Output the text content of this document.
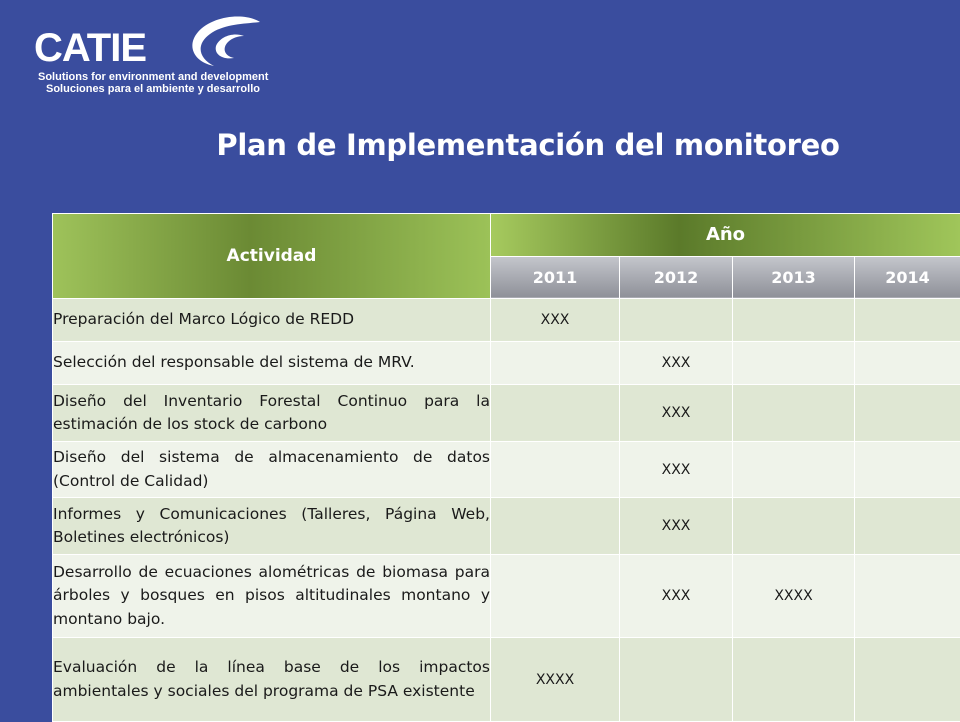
CATIE
Solutions for environment and development
Soluciones para el ambiente y desarrollo
Plan de Implementación del monitoreo
Actividad	Año			
	2011	2012	2013	2014
Preparación del Marco Lógico de REDD	XXX			
Selección del responsable del sistema de MRV.		XXX		
Diseño del Inventario Forestal Continuo para la estimación de los stock de carbono		XXX		
Diseño del sistema de almacenamiento de datos (Control de Calidad)		XXX		
Informes y Comunicaciones (Talleres, Página Web, Boletines electrónicos)		XXX		
Desarrollo de ecuaciones alométricas de biomasa para árboles y bosques en pisos altitudinales montano y montano bajo.		XXX	XXXX	
Evaluación de la línea base de los impactos ambientales y sociales del programa de PSA existente	XXXX			
